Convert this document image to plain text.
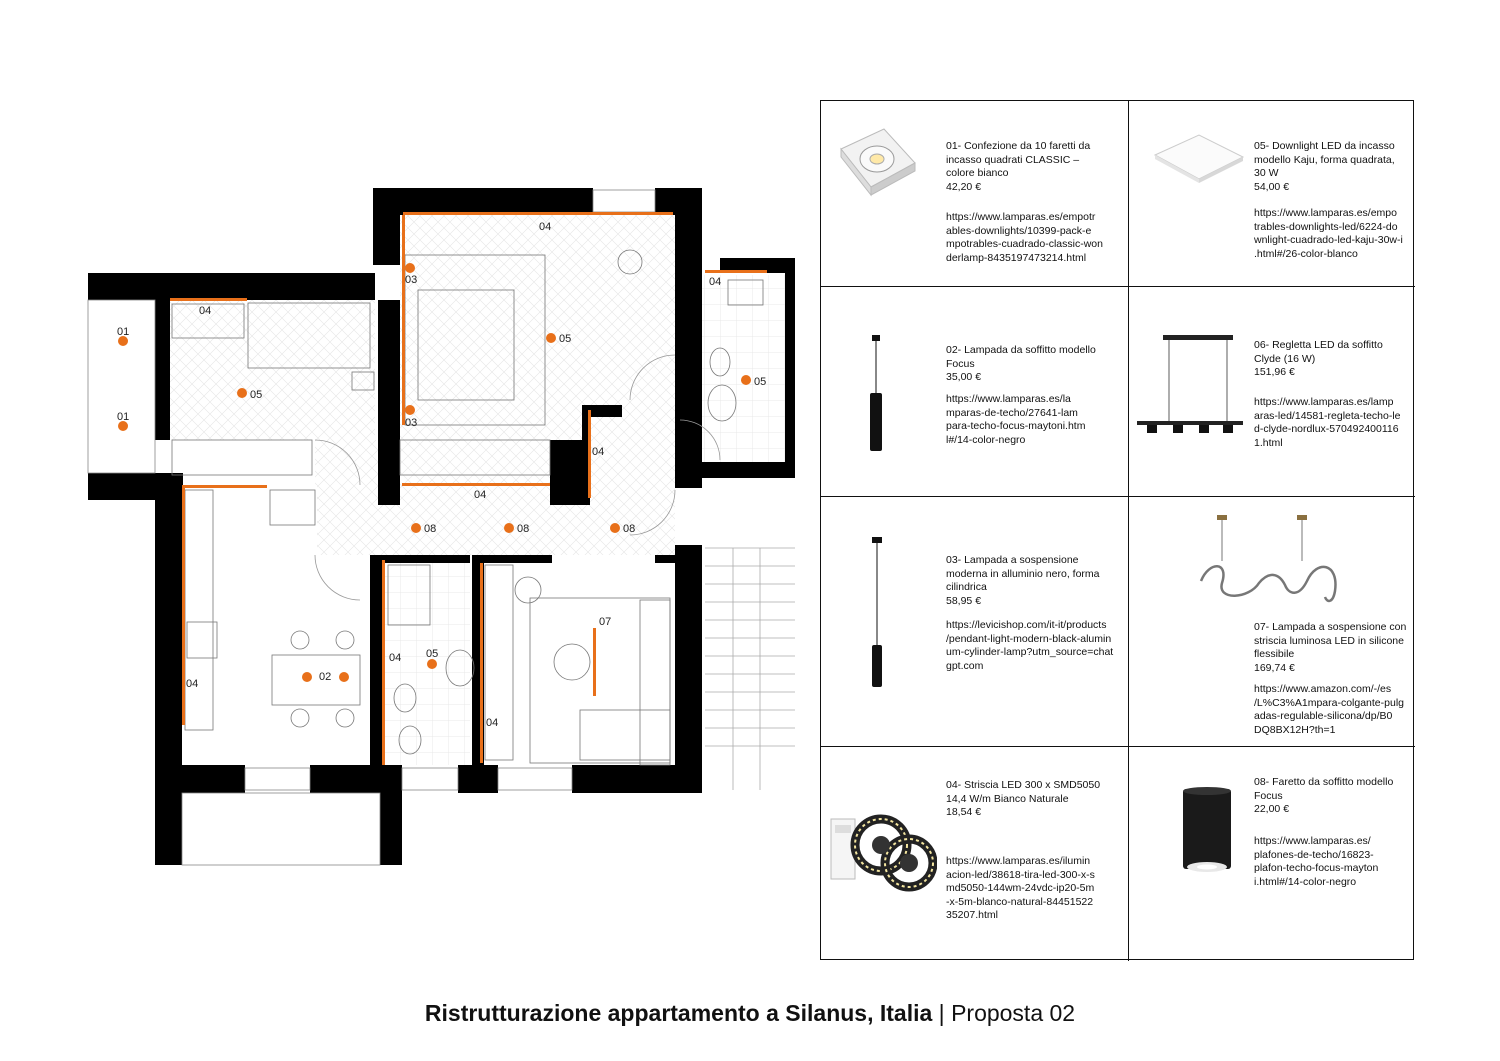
01
01
04
05
04
03
03
05
04
05
04
04
08	08	08
07
02
04
05
04
04
01- Confezione da 10 faretti da
incasso quadrati CLASSIC –
colore bianco
42,20 €
https://www.lamparas.es/empotr
ables-downlights/10399-pack-e
mpotrables-cuadrado-classic-won
derlamp-8435197473214.html
05- Downlight LED da incasso
modello Kaju, forma quadrata,
30 W
54,00 €
https://www.lamparas.es/empo
trables-downlights-led/6224-do
wnlight-cuadrado-led-kaju-30w-i
.html#/26-color-blanco
02- Lampada da soffitto modello
Focus
35,00 €
https://www.lamparas.es/la
mparas-de-techo/27641-lam
para-techo-focus-maytoni.htm
l#/14-color-negro
06- Regletta LED da soffitto
Clyde (16 W)
151,96 €
https://www.lamparas.es/lamp
aras-led/14581-regleta-techo-le
d-clyde-nordlux-570492400116
1.html
03- Lampada a sospensione
moderna in alluminio nero, forma
cilindrica
58,95 €
https://levicishop.com/it-it/products
/pendant-light-modern-black-alumin
um-cylinder-lamp?utm_source=chat
gpt.com
07- Lampada a sospensione con
striscia luminosa LED in silicone
flessibile
169,74 €
https://www.amazon.com/-/es
/L%C3%A1mpara-colgante-pulg
adas-regulable-silicona/dp/B0
DQ8BX12H?th=1
04- Striscia LED 300 x SMD5050
14,4 W/m Bianco Naturale
18,54 €
https://www.lamparas.es/ilumin
acion-led/38618-tira-led-300-x-s
md5050-144wm-24vdc-ip20-5m
-x-5m-blanco-natural-84451522
35207.html
08- Faretto da soffitto modello
Focus
22,00 €
https://www.lamparas.es/
plafones-de-techo/16823-
plafon-techo-focus-mayton
i.html#/14-color-negro
Ristrutturazione appartamento a Silanus, Italia | Proposta 02
